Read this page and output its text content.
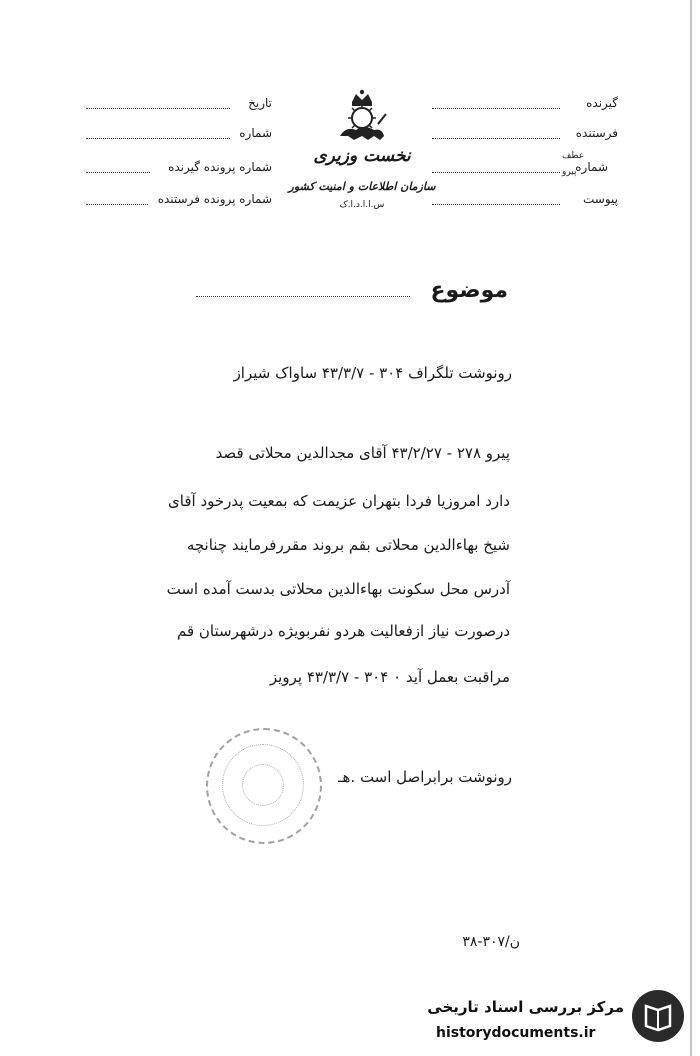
گیرنده
فرستنده
شماره
عطف
پیرو
پیوست
نخست وزیری
سازمان اطلاعات و امنیت کشور
س.ا.ا.د.ا.ک
تاریخ
شماره
شماره پرونده گیرنده
شماره پرونده فرستنده
موضوع
رونوشت تلگراف ۳۰۴ - ۴۳/۳/۷ ساواک شیراز
پیرو ۲۷۸ - ۴۳/۲/۲۷ آقای مجدالدین محلاتی قصد
دارد امروزیا فردا بتهران عزیمت که بمعیت پدرخود آقای
شیخ بهاءالدین محلاتی بقم بروند مقررفرمایند چنانچه
آدرس محل سکونت بهاءالدین محلاتی بدست آمده است
درصورت نیاز ازفعالیت هردو نفربویژه درشهرستان قم
مراقبت بعمل آید ۰ ۳۰۴ - ۴۳/۳/۷ پرویز
رونوشت برابراصل است .هـ
ن/۳۰۷-۳۸
مرکز بررسی اسناد تاریخی
historydocuments.ir
